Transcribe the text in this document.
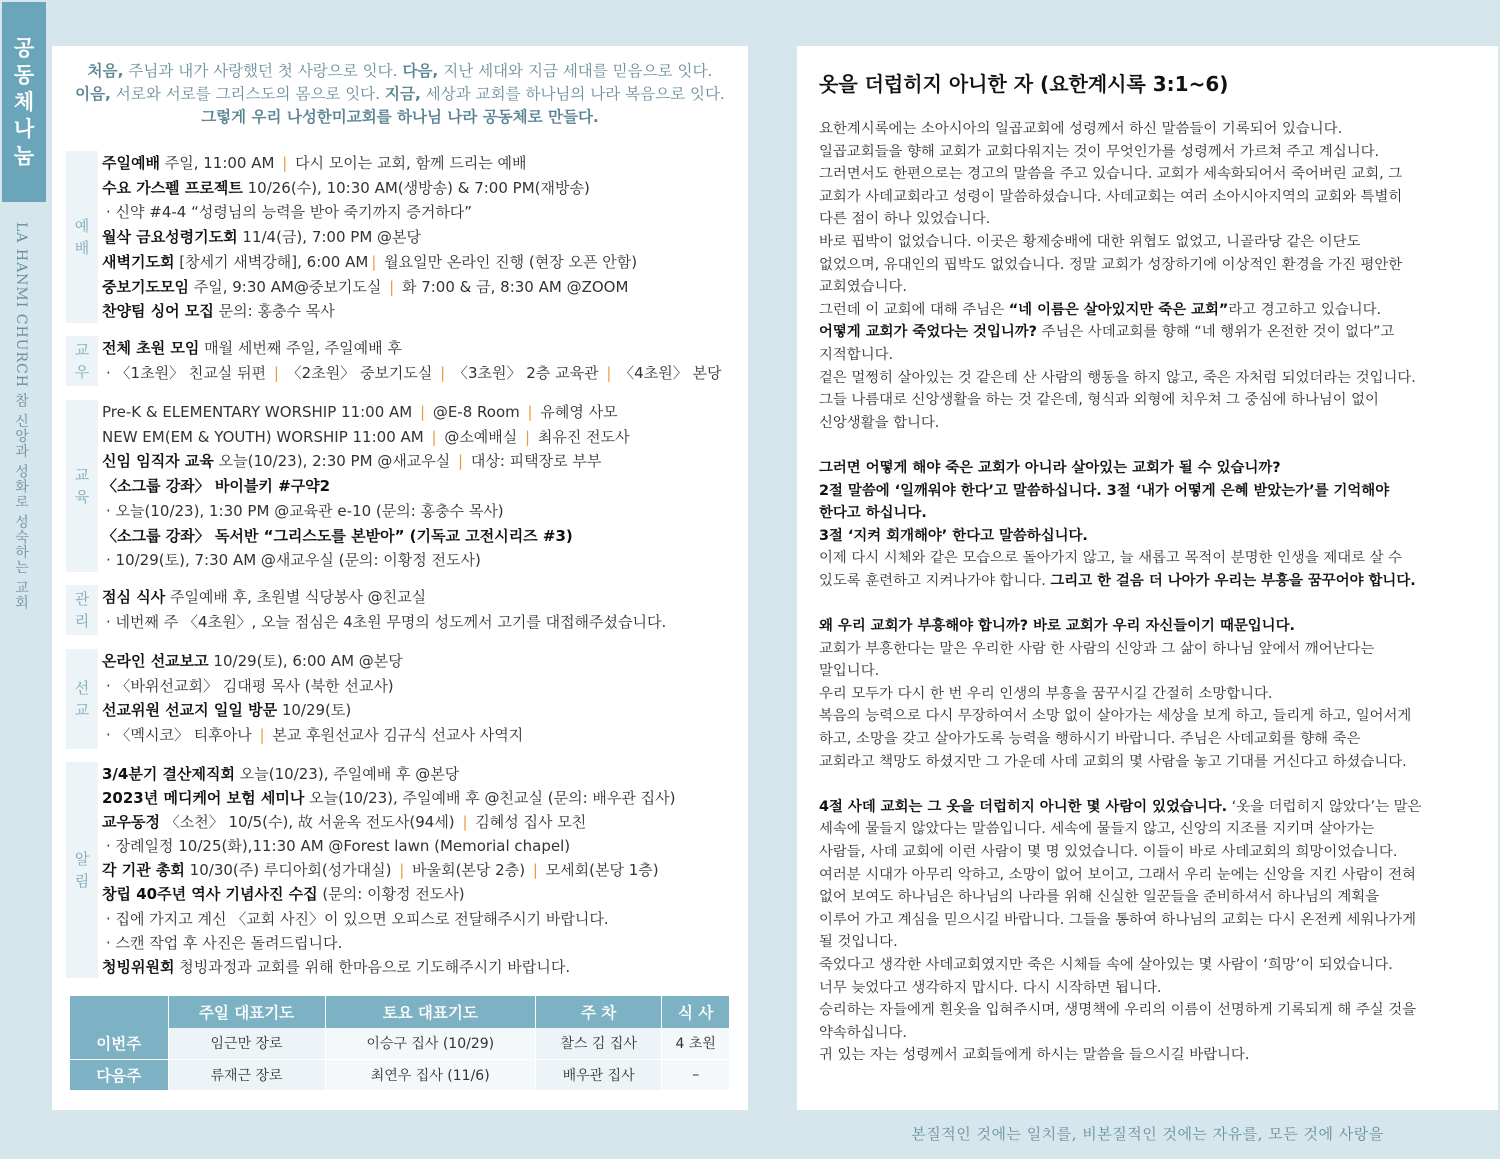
공
동
체
나
눔
LA HANMI CHURCH 참 신앙과 성화로 성숙하는 교회
처음, 주님과 내가 사랑했던 첫 사랑으로 잇다. 다음, 지난 세대와 지금 세대를 믿음으로 잇다.
이음, 서로와 서로를 그리스도의 몸으로 잇다. 지금, 세상과 교회를 하나님의 나라 복음으로 잇다.
그렇게 우리 나성한미교회를 하나님 나라 공동체로 만들다.
예
배
주일예배 주일, 11:00 AM | 다시 모이는 교회, 함께 드리는 예배
수요 가스펠 프로젝트 10/26(수), 10:30 AM(생방송) & 7:00 PM(재방송)
· 신약 #4-4 “성령님의 능력을 받아 죽기까지 증거하다”
월삭 금요성령기도회 11/4(금), 7:00 PM @본당
새벽기도회 [창세기 새벽강해], 6:00 AM | 월요일만 온라인 진행 (현장 오픈 안함)
중보기도모임 주일, 9:30 AM@중보기도실 | 화 7:00 & 금, 8:30 AM @ZOOM
찬양팀 싱어 모집 문의: 홍충수 목사
교
우
전체 초원 모임 매월 세번째 주일, 주일예배 후
· 〈1초원〉 친교실 뒤편 | 〈2초원〉 중보기도실 | 〈3초원〉 2층 교육관 | 〈4초원〉 본당
교
육
Pre-K & ELEMENTARY WORSHIP 11:00 AM | @E-8 Room | 유혜영 사모
NEW EM(EM & YOUTH) WORSHIP 11:00 AM | @소예배실 | 최유진 전도사
신임 임직자 교육 오늘(10/23), 2:30 PM @새교우실 | 대상: 피택장로 부부
〈소그룹 강좌〉 바이블키 #구약2
· 오늘(10/23), 1:30 PM @교육관 e-10 (문의: 홍충수 목사)
〈소그룹 강좌〉 독서반 “그리스도를 본받아” (기독교 고전시리즈 #3)
· 10/29(토), 7:30 AM @새교우실 (문의: 이황정 전도사)
관
리
점심 식사 주일예배 후, 초원별 식당봉사 @친교실
· 네번째 주 〈4초원〉, 오늘 점심은 4초원 무명의 성도께서 고기를 대접해주셨습니다.
선
교
온라인 선교보고 10/29(토), 6:00 AM @본당
· 〈바위선교회〉 김대평 목사 (북한 선교사)
선교위원 선교지 일일 방문 10/29(토)
· 〈멕시코〉 티후아나 | 본교 후원선교사 김규식 선교사 사역지
알
림
3/4분기 결산제직회 오늘(10/23), 주일예배 후 @본당
2023년 메디케어 보험 세미나 오늘(10/23), 주일예배 후 @친교실 (문의: 배우관 집사)
교우동정 〈소천〉 10/5(수), 故 서윤옥 전도사(94세) | 김혜성 집사 모친
· 장례일정 10/25(화),11:30 AM @Forest lawn (Memorial chapel)
각 기관 총회 10/30(주) 루디아회(성가대실) | 바울회(본당 2층) | 모세회(본당 1층)
창립 40주년 역사 기념사진 수집 (문의: 이황정 전도사)
· 집에 가지고 계신 〈교회 사진〉이 있으면 오피스로 전달해주시기 바랍니다.
· 스캔 작업 후 사진은 돌려드립니다.
청빙위원회 청빙과정과 교회를 위해 한마음으로 기도해주시기 바랍니다.
	주일 대표기도	토요 대표기도	주 차	식 사
이번주	임근만 장로	이승구 집사 (10/29)	찰스 김 집사	4 초원
다음주	류재근 장로	최연우 집사 (11/6)	배우관 집사	–
옷을 더럽히지 아니한 자 (요한계시록 3:1~6)
요한계시록에는 소아시아의 일곱교회에 성령께서 하신 말씀들이 기록되어 있습니다.
일곱교회들을 향해 교회가 교회다워지는 것이 무엇인가를 성령께서 가르쳐 주고 계십니다.
그러면서도 한편으로는 경고의 말씀을 주고 있습니다. 교회가 세속화되어서 죽어버린 교회, 그
교회가 사데교회라고 성령이 말씀하셨습니다. 사데교회는 여러 소아시아지역의 교회와 특별히
다른 점이 하나 있었습니다.
바로 핍박이 없었습니다. 이곳은 황제숭배에 대한 위협도 없었고, 니골라당 같은 이단도
없었으며, 유대인의 핍박도 없었습니다. 정말 교회가 성장하기에 이상적인 환경을 가진 평안한
교회였습니다.
그런데 이 교회에 대해 주님은 “네 이름은 살아있지만 죽은 교회”라고 경고하고 있습니다.
어떻게 교회가 죽었다는 것입니까? 주님은 사데교회를 향해 “네 행위가 온전한 것이 없다”고
지적합니다.
겉은 멀쩡히 살아있는 것 같은데 산 사람의 행동을 하지 않고, 죽은 자처럼 되었더라는 것입니다.
그들 나름대로 신앙생활을 하는 것 같은데, 형식과 외형에 치우쳐 그 중심에 하나님이 없이
신앙생활을 합니다.
그러면 어떻게 해야 죽은 교회가 아니라 살아있는 교회가 될 수 있습니까?
2절 말씀에 ‘일깨워야 한다’고 말씀하십니다. 3절 ‘내가 어떻게 은혜 받았는가’를 기억해야
한다고 하십니다.
3절 ‘지켜 회개해야’ 한다고 말씀하십니다.
이제 다시 시체와 같은 모습으로 돌아가지 않고, 늘 새롭고 목적이 분명한 인생을 제대로 살 수
있도록 훈련하고 지켜나가야 합니다. 그리고 한 걸음 더 나아가 우리는 부흥을 꿈꾸어야 합니다.
왜 우리 교회가 부흥해야 합니까? 바로 교회가 우리 자신들이기 때문입니다.
교회가 부흥한다는 말은 우리한 사람 한 사람의 신앙과 그 삶이 하나님 앞에서 깨어난다는
말입니다.
우리 모두가 다시 한 번 우리 인생의 부흥을 꿈꾸시길 간절히 소망합니다.
복음의 능력으로 다시 무장하여서 소망 없이 살아가는 세상을 보게 하고, 들리게 하고, 일어서게
하고, 소망을 갖고 살아가도록 능력을 행하시기 바랍니다. 주님은 사데교회를 향해 죽은
교회라고 책망도 하셨지만 그 가운데 사데 교회의 몇 사람을 놓고 기대를 거신다고 하셨습니다.
4절 사데 교회는 그 옷을 더럽히지 아니한 몇 사람이 있었습니다. ‘옷을 더럽히지 않았다’는 말은
세속에 물들지 않았다는 말씀입니다. 세속에 물들지 않고, 신앙의 지조를 지키며 살아가는
사람들, 사데 교회에 이런 사람이 몇 명 있었습니다. 이들이 바로 사데교회의 희망이었습니다.
여러분 시대가 아무리 악하고, 소망이 없어 보이고, 그래서 우리 눈에는 신앙을 지킨 사람이 전혀
없어 보여도 하나님은 하나님의 나라를 위해 신실한 일꾼들을 준비하셔서 하나님의 계획을
이루어 가고 계심을 믿으시길 바랍니다. 그들을 통하여 하나님의 교회는 다시 온전케 세워나가게
될 것입니다.
죽었다고 생각한 사데교회였지만 죽은 시체들 속에 살아있는 몇 사람이 ‘희망’이 되었습니다.
너무 늦었다고 생각하지 맙시다. 다시 시작하면 됩니다.
승리하는 자들에게 흰옷을 입혀주시며, 생명책에 우리의 이름이 선명하게 기록되게 해 주실 것을
약속하십니다.
귀 있는 자는 성령께서 교회들에게 하시는 말씀을 들으시길 바랍니다.
본질적인 것에는 일치를, 비본질적인 것에는 자유를, 모든 것에 사랑을
